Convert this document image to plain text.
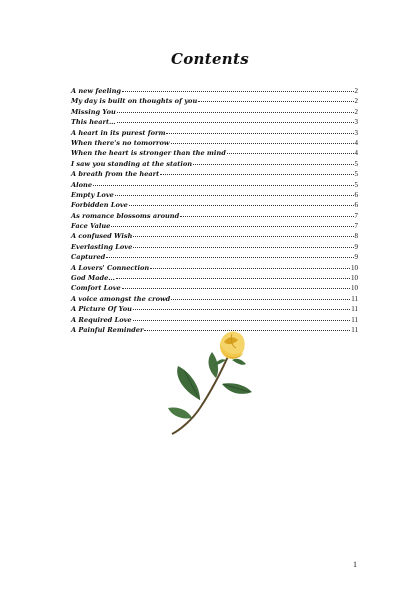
Contents
A new feeling	2
My day is built on thoughts of you	2
Missing You	2
This heart…	3
A heart in its purest form	3
When there's no tomorrow	4
When the heart is stronger than the mind	4
I saw you standing at the station	5
A breath from the heart	5
Alone	5
Empty Love	6
Forbidden Love	6
As romance blossoms around	7
Face Value	7
A confused Wish	8
Everlasting Love	9
Captured	9
A Lovers' Connection	10
God Made…	10
Comfort Love	10
A voice amongst the crowd	11
A Picture Of You	11
A Required Love	11
A Painful Reminder	11
1
